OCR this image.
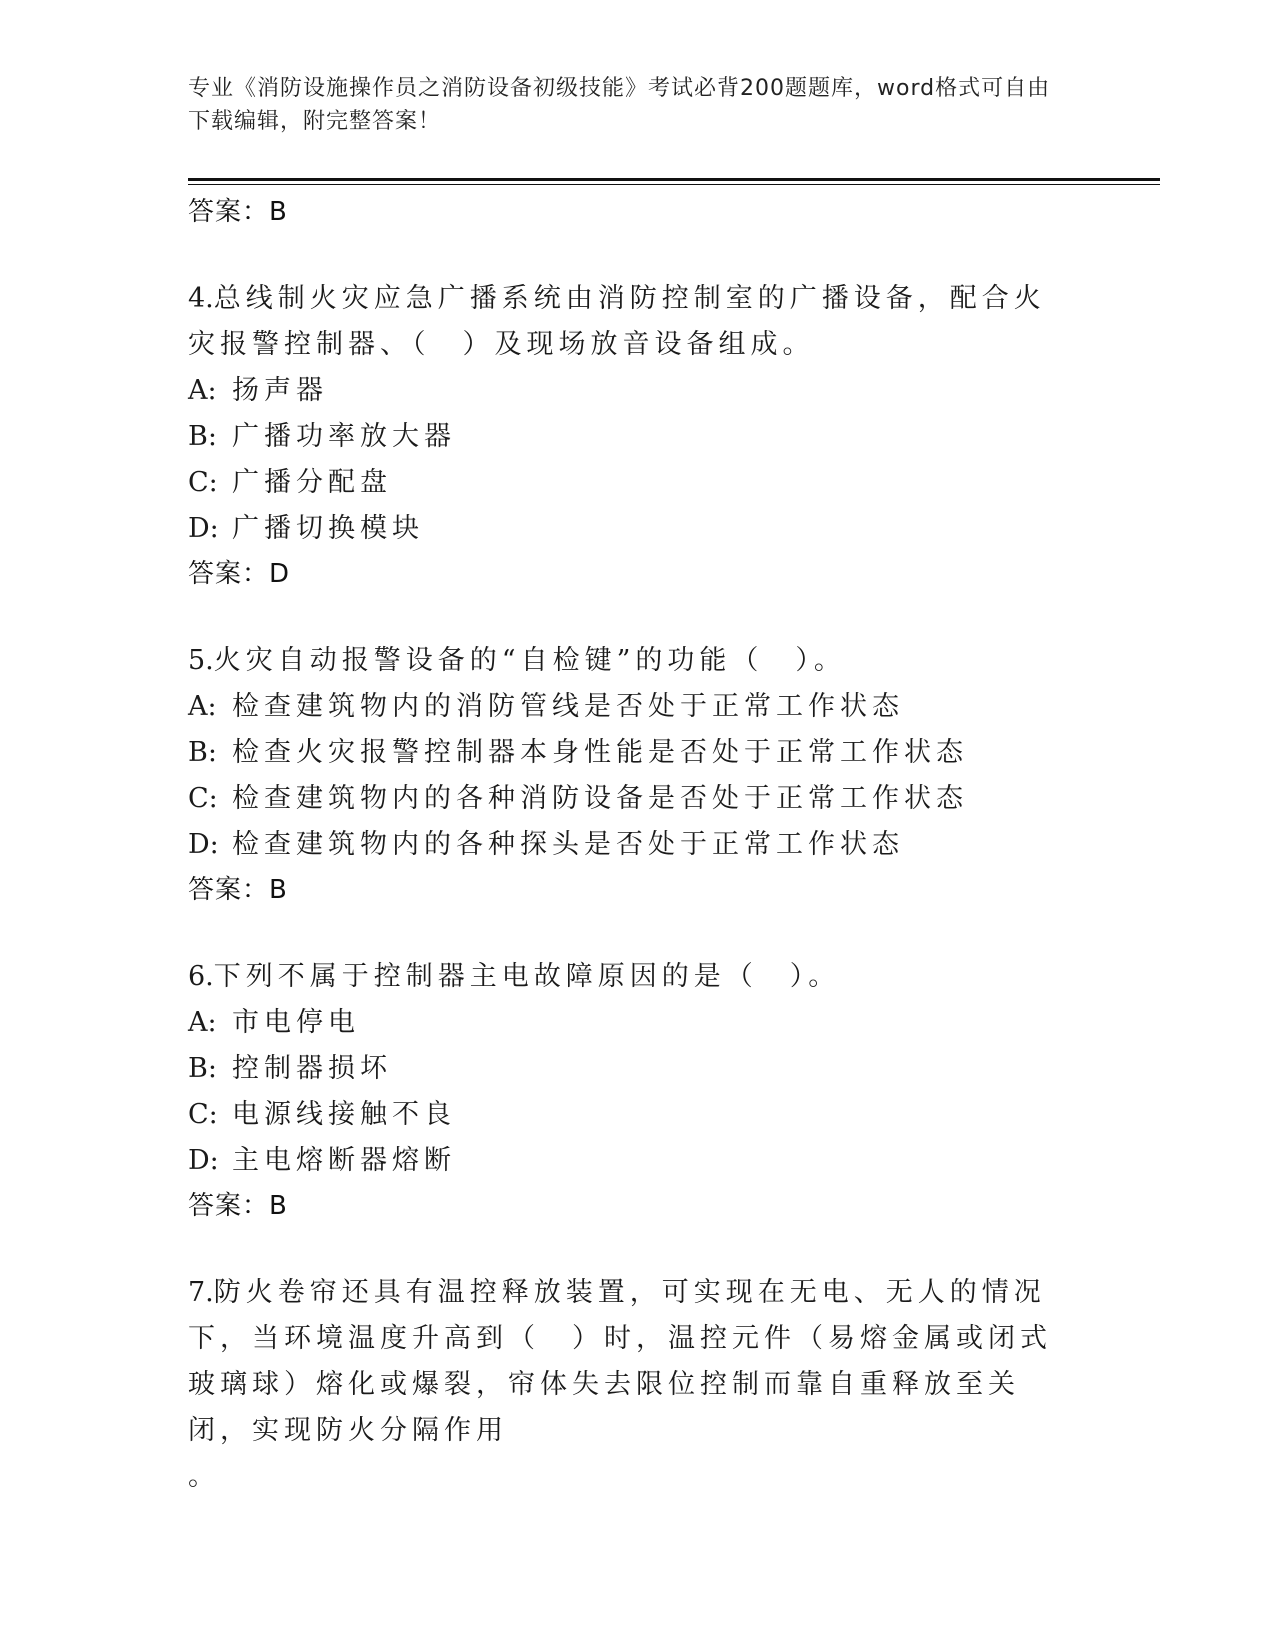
专业《消防设施操作员之消防设备初级技能》考试必背200题题库，word格式可自由下载编辑，附完整答案！
答案：B
4.总线制火灾应急广播系统由消防控制室的广播设备，配合火灾报警控制器、（　）及现场放音设备组成。
A: 扬声器
B: 广播功率放大器
C: 广播分配盘
D: 广播切换模块
答案：D
5.火灾自动报警设备的“自检键”的功能（　）。
A: 检查建筑物内的消防管线是否处于正常工作状态
B: 检查火灾报警控制器本身性能是否处于正常工作状态
C: 检查建筑物内的各种消防设备是否处于正常工作状态
D: 检查建筑物内的各种探头是否处于正常工作状态
答案：B
6.下列不属于控制器主电故障原因的是（　）。
A: 市电停电
B: 控制器损坏
C: 电源线接触不良
D: 主电熔断器熔断
答案：B
7.防火卷帘还具有温控释放装置，可实现在无电、无人的情况下，当环境温度升高到（　）时，温控元件（易熔金属或闭式玻璃球）熔化或爆裂，帘体失去限位控制而靠自重释放至关闭，实现防火分隔作用
。
